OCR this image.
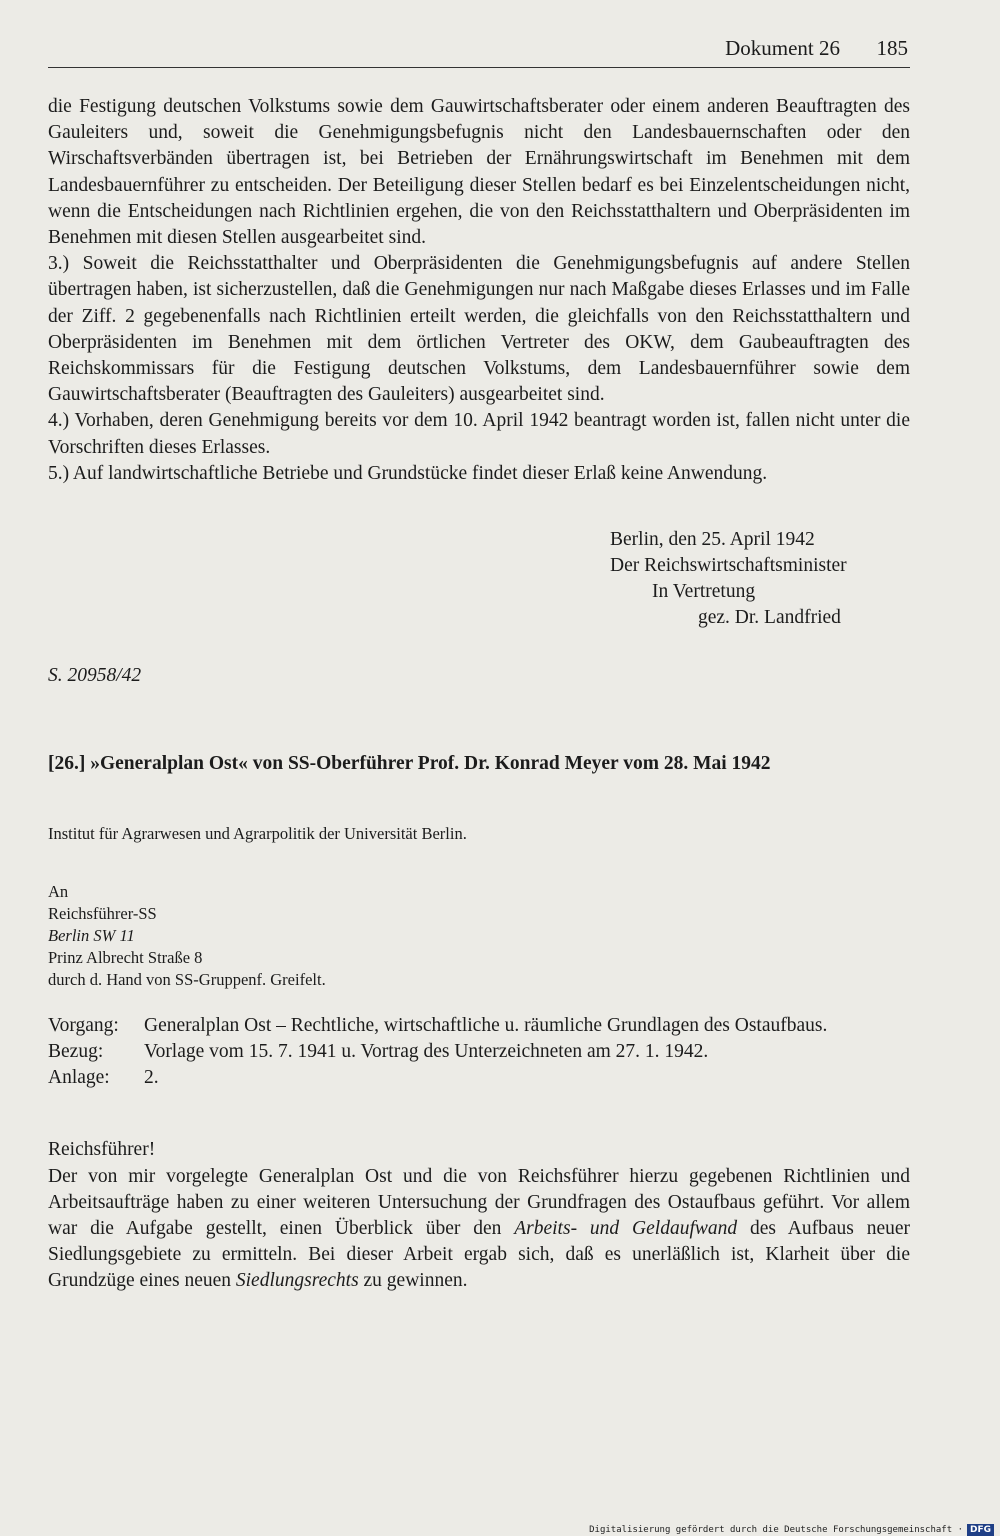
Dokument 26 185

die Festigung deutschen Volkstums sowie dem Gauwirtschaftsberater oder einem anderen Beauftragten des Gauleiters und, soweit die Genehmigungsbefugnis nicht den Landesbauernschaften oder den Wirschaftsverbänden übertragen ist, bei Betrieben der Ernährungswirtschaft im Benehmen mit dem Landesbauernführer zu entscheiden. Der Beteiligung dieser Stellen bedarf es bei Einzelentscheidungen nicht, wenn die Entscheidungen nach Richtlinien ergehen, die von den Reichsstatthaltern und Oberpräsidenten im Benehmen mit diesen Stellen ausgearbeitet sind.

3.) Soweit die Reichsstatthalter und Oberpräsidenten die Genehmigungsbefugnis auf andere Stellen übertragen haben, ist sicherzustellen, daß die Genehmigungen nur nach Maßgabe dieses Erlasses und im Falle der Ziff. 2 gegebenenfalls nach Richtlinien erteilt werden, die gleichfalls von den Reichsstatthaltern und Oberpräsidenten im Benehmen mit dem örtlichen Vertreter des OKW, dem Gaubeauftragten des Reichskommissars für die Festigung deutschen Volkstums, dem Landesbauernführer sowie dem Gauwirtschaftsberater (Beauftragten des Gauleiters) ausgearbeitet sind.

4.) Vorhaben, deren Genehmigung bereits vor dem 10. April 1942 beantragt worden ist, fallen nicht unter die Vorschriften dieses Erlasses.

5.) Auf landwirtschaftliche Betriebe und Grundstücke findet dieser Erlaß keine Anwendung.

Berlin, den 25. April 1942
Der Reichswirtschaftsminister
In Vertretung
gez. Dr. Landfried
S. 20958/42
[26.] »Generalplan Ost« von SS-Oberführer Prof. Dr. Konrad Meyer vom 28. Mai 1942
Institut für Agrarwesen und Agrarpolitik der Universität Berlin.
An
Reichsführer-SS
Berlin SW 11
Prinz Albrecht Straße 8
durch d. Hand von SS-Gruppenf. Greifelt.
Vorgang:	Generalplan Ost – Rechtliche, wirtschaftliche u. räumliche Grundlagen des Ostaufbaus.
Bezug:	Vorlage vom 15. 7. 1941 u. Vortrag des Unterzeichneten am 27. 1. 1942.
Anlage:	2.
Reichsführer!

Der von mir vorgelegte Generalplan Ost und die von Reichsführer hierzu gegebenen Richtlinien und Arbeitsaufträge haben zu einer weiteren Untersuchung der Grundfragen des Ostaufbaus geführt. Vor allem war die Aufgabe gestellt, einen Überblick über den Arbeits- und Geldaufwand des Aufbaus neuer Siedlungsgebiete zu ermitteln. Bei dieser Arbeit ergab sich, daß es unerläßlich ist, Klarheit über die Grundzüge eines neuen Siedlungsrechts zu gewinnen.

Digitalisierung gefördert durch die Deutsche Forschungsgemeinschaft · DFG
